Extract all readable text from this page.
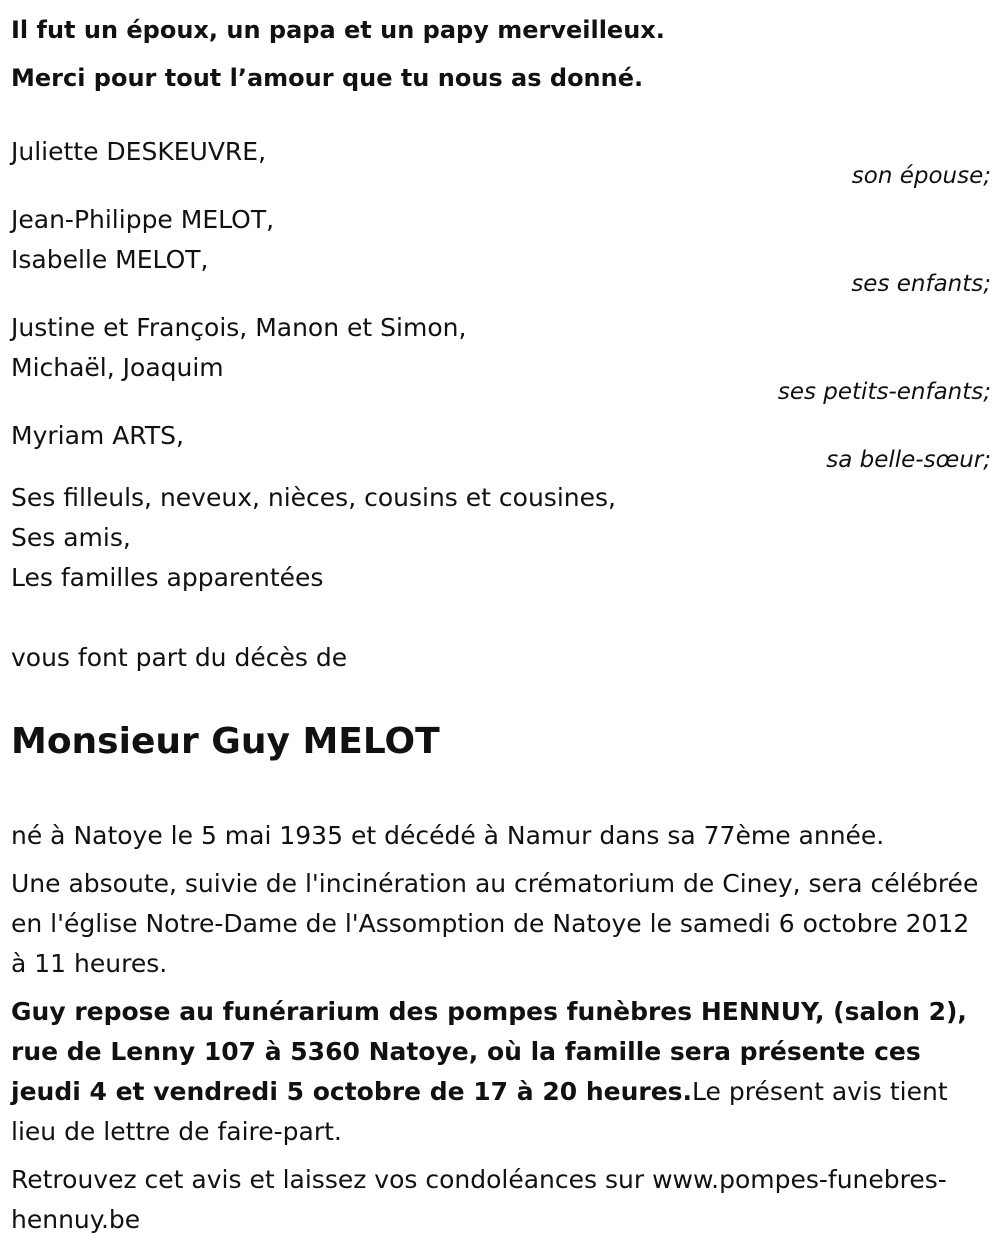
Il fut un époux, un papa et un papy merveilleux.

Merci pour tout l’amour que tu nous as donné.

Juliette DESKEUVRE,
son épouse;
Jean-Philippe MELOT,
Isabelle MELOT,
ses enfants;
Justine et François, Manon et Simon,
Michaël, Joaquim
ses petits-enfants;
Myriam ARTS,
sa belle-sœur;
Ses filleuls, neveux, nièces, cousins et cousines,
Ses amis,
Les familles apparentées

vous font part du décès de

Monsieur Guy MELOT

né à Natoye le 5 mai 1935 et décédé à Namur dans sa 77ème année.

Une absoute, suivie de l'incinération au crématorium de Ciney, sera célébrée en l'église Notre-Dame de l'Assomption de Natoye le samedi 6 octobre 2012 à 11 heures.

Guy repose au funérarium des pompes funèbres HENNUY, (salon 2), rue de Lenny 107 à 5360 Natoye, où la famille sera présente ces jeudi 4 et vendredi 5 octobre de 17 à 20 heures.Le présent avis tient lieu de lettre de faire-part.

Retrouvez cet avis et laissez vos condoléances sur www.pompes-funebres-hennuy.be
